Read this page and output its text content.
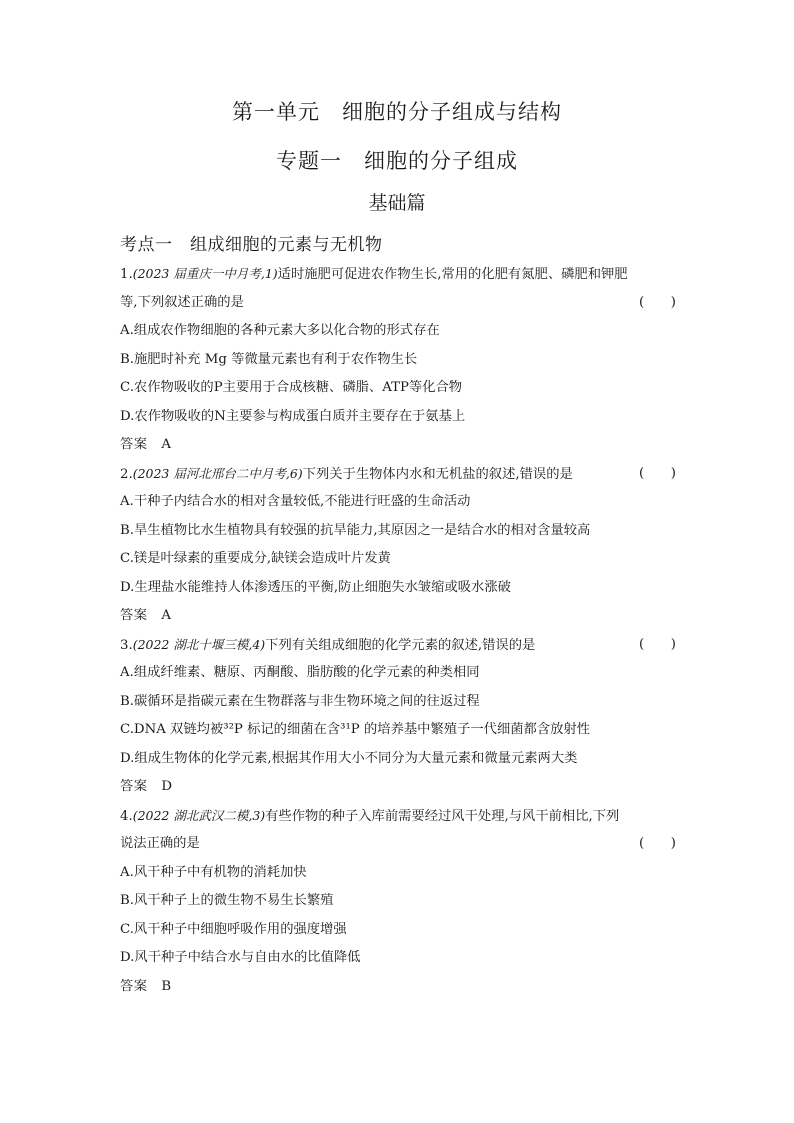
第一单元　细胞的分子组成与结构
专题一　细胞的分子组成
基础篇
考点一　组成细胞的元素与无机物
1.(2023 届重庆一中月考,1)适时施肥可促进农作物生长,常用的化肥有氮肥、磷肥和钾肥
等,下列叙述正确的是	(　　)
A.组成农作物细胞的各种元素大多以化合物的形式存在
B.施肥时补充 Mg 等微量元素也有利于农作物生长
C.农作物吸收的P主要用于合成核糖、磷脂、ATP等化合物
D.农作物吸收的N主要参与构成蛋白质并主要存在于氨基上
答案　 A
2.(2023 届河北邢台二中月考,6)下列关于生物体内水和无机盐的叙述,错误的是	(　　)
A.干种子内结合水的相对含量较低,不能进行旺盛的生命活动
B.旱生植物比水生植物具有较强的抗旱能力,其原因之一是结合水的相对含量较高
C.镁是叶绿素的重要成分,缺镁会造成叶片发黄
D.生理盐水能维持人体渗透压的平衡,防止细胞失水皱缩或吸水涨破
答案　 A
3.(2022 湖北十堰三模,4)下列有关组成细胞的化学元素的叙述,错误的是	(　　)
A.组成纤维素、糖原、丙酮酸、脂肪酸的化学元素的种类相同
B.碳循环是指碳元素在生物群落与非生物环境之间的往返过程
C.DNA 双链均被³²P 标记的细菌在含³¹P 的培养基中繁殖子一代细菌都含放射性
D.组成生物体的化学元素,根据其作用大小不同分为大量元素和微量元素两大类
答案　 D
4.(2022 湖北武汉二模,3)有些作物的种子入库前需要经过风干处理,与风干前相比,下列
说法正确的是	(　　)
A.风干种子中有机物的消耗加快
B.风干种子上的微生物不易生长繁殖
C.风干种子中细胞呼吸作用的强度增强
D.风干种子中结合水与自由水的比值降低
答案　 B
